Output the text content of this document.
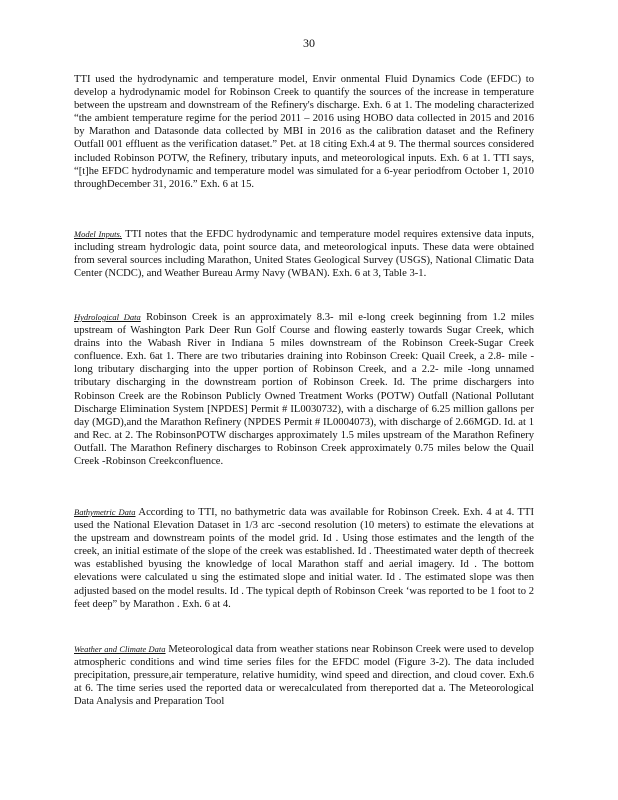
30

TTI used the hydrodynamic and temperature model, Envir onmental Fluid Dynamics Code (EFDC) to develop a hydrodynamic model for Robinson Creek to quantify the sources of the increase in temperature between the upstream and downstream of the Refinery's discharge. Exh. 6 at 1. The modeling characterized “the ambient temperature regime for the period 2011 – 2016 using HOBO data collected in 2015 and 2016 by Marathon and Datasonde data collected by MBI in 2016 as the calibration dataset and the Refinery Outfall 001 effluent as the verification dataset.” Pet. at 18 citing Exh.4 at 9. The thermal sources considered included Robinson POTW, the Refinery, tributary inputs, and meteorological inputs. Exh. 6 at 1. TTI says, “[t]he EFDC hydrodynamic and temperature model was simulated for a 6-year periodfrom October 1, 2010 throughDecember 31, 2016.” Exh. 6 at 15.

Model Inputs. TTI notes that the EFDC hydrodynamic and temperature model requires extensive data inputs, including stream hydrologic data, point source data, and meteorological inputs. These data were obtained from several sources including Marathon, United States Geological Survey (USGS), National Climatic Data Center (NCDC), and Weather Bureau Army Navy (WBAN). Exh. 6 at 3, Table 3-1.

Hydrological Data Robinson Creek is an approximately 8.3- mil e-long creek beginning from 1.2 miles upstream of Washington Park Deer Run Golf Course and flowing easterly towards Sugar Creek, which drains into the Wabash River in Indiana 5 miles downstream of the Robinson Creek-Sugar Creek confluence. Exh. 6at 1. There are two tributaries draining into Robinson Creek: Quail Creek, a 2.8- mile -long tributary discharging into the upper portion of Robinson Creek, and a 2.2- mile -long unnamed tributary discharging in the downstream portion of Robinson Creek. Id. The prime dischargers into Robinson Creek are the Robinson Publicly Owned Treatment Works (POTW) Outfall (National Pollutant Discharge Elimination System [NPDES] Permit # IL0030732), with a discharge of 6.25 million gallons per day (MGD),and the Marathon Refinery (NPDES Permit # IL0004073), with discharge of 2.66MGD. Id. at 1 and Rec. at 2. The RobinsonPOTW discharges approximately 1.5 miles upstream of the Marathon Refinery Outfall. The Marathon Refinery discharges to Robinson Creek approximately 0.75 miles below the Quail Creek -Robinson Creekconfluence.

Bathymetric Data According to TTI, no bathymetric data was available for Robinson Creek. Exh. 4 at 4. TTI used the National Elevation Dataset in 1/3 arc -second resolution (10 meters) to estimate the elevations at the upstream and downstream points of the model grid. Id . Using those estimates and the length of the creek, an initial estimate of the slope of the creek was established. Id . Theestimated water depth of thecreek was established byusing the knowledge of local Marathon staff and aerial imagery. Id . The bottom elevations were calculated u sing the estimated slope and initial water. Id . The estimated slope was then adjusted based on the model results. Id . The typical depth of Robinson Creek ‘was reported to be 1 foot to 2 feet deep” by Marathon . Exh. 6 at 4.

Weather and Climate Data Meteorological data from weather stations near Robinson Creek were used to develop atmospheric conditions and wind time series files for the EFDC model (Figure 3-2). The data included precipitation, pressure,air temperature, relative humidity, wind speed and direction, and cloud cover. Exh.6 at 6. The time series used the reported data or werecalculated from thereported dat a. The Meteorological Data Analysis and Preparation Tool
